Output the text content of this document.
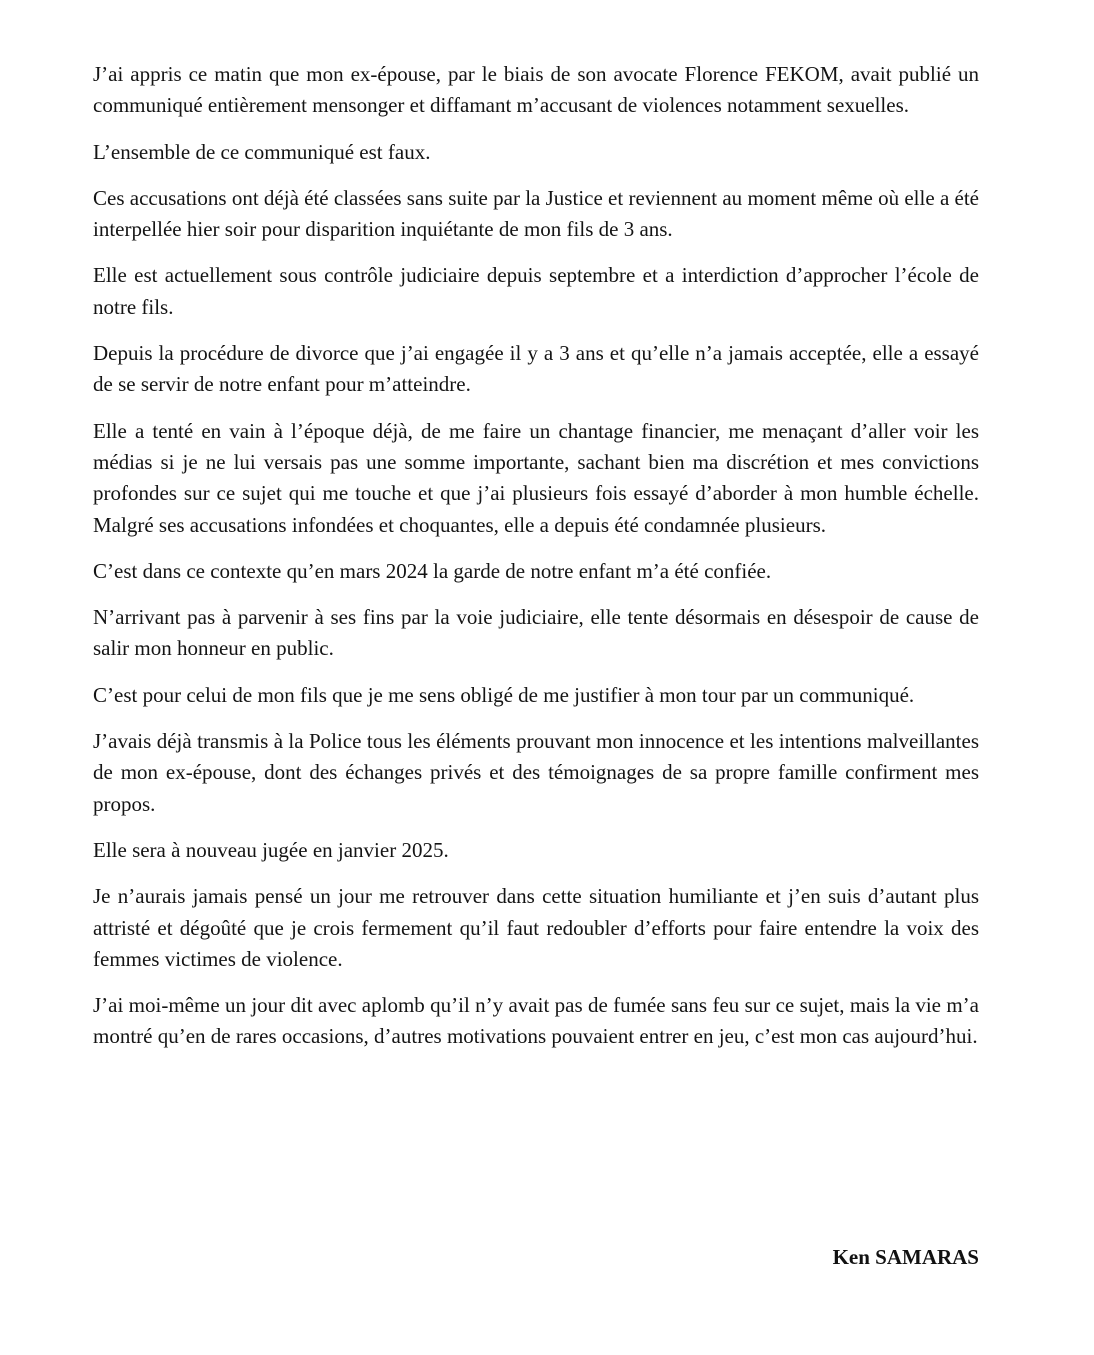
J’ai appris ce matin que mon ex-épouse, par le biais de son avocate Florence FEKOM, avait publié un communiqué entièrement mensonger et diffamant m’accusant de violences notamment sexuelles.

L’ensemble de ce communiqué est faux.

Ces accusations ont déjà été classées sans suite par la Justice et reviennent au moment même où elle a été interpellée hier soir pour disparition inquiétante de mon fils de 3 ans.

Elle est actuellement sous contrôle judiciaire depuis septembre et a interdiction d’approcher l’école de notre fils.

Depuis la procédure de divorce que j’ai engagée il y a 3 ans et qu’elle n’a jamais acceptée, elle a essayé de se servir de notre enfant pour m’atteindre.

Elle a tenté en vain à l’époque déjà, de me faire un chantage financier, me menaçant d’aller voir les médias si je ne lui versais pas une somme importante, sachant bien ma discrétion et mes convictions profondes sur ce sujet qui me touche et que j’ai plusieurs fois essayé d’aborder à mon humble échelle. Malgré ses accusations infondées et choquantes, elle a depuis été condamnée plusieurs.

C’est dans ce contexte qu’en mars 2024 la garde de notre enfant m’a été confiée.

N’arrivant pas à parvenir à ses fins par la voie judiciaire, elle tente désormais en désespoir de cause de salir mon honneur en public.

C’est pour celui de mon fils que je me sens obligé de me justifier à mon tour par un communiqué.

J’avais déjà transmis à la Police tous les éléments prouvant mon innocence et les intentions malveillantes de mon ex-épouse, dont des échanges privés et des témoignages de sa propre famille confirment mes propos.

Elle sera à nouveau jugée en janvier 2025.

Je n’aurais jamais pensé un jour me retrouver dans cette situation humiliante et j’en suis d’autant plus attristé et dégoûté que je crois fermement qu’il faut redoubler d’efforts pour faire entendre la voix des femmes victimes de violence.

J’ai moi-même un jour dit avec aplomb qu’il n’y avait pas de fumée sans feu sur ce sujet, mais la vie m’a montré qu’en de rares occasions, d’autres motivations pouvaient entrer en jeu, c’est mon cas aujourd’hui.

Ken SAMARAS
